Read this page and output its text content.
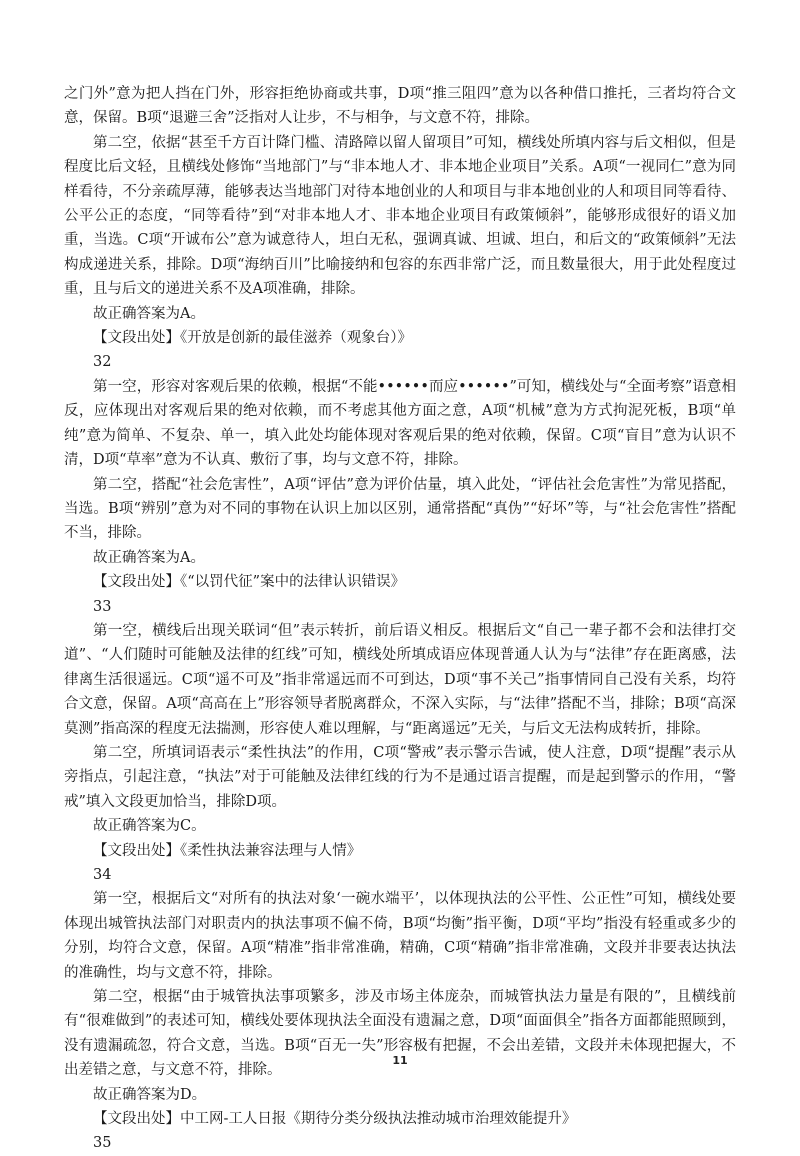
之门外”意为把人挡在门外，形容拒绝协商或共事，D项“推三阻四”意为以各种借口推托，三者均符合文意，保留。B项“退避三舍”泛指对人让步，不与相争，与文意不符，排除。

第二空，依据“甚至千方百计降门槛、清路障以留人留项目”可知，横线处所填内容与后文相似，但是程度比后文轻，且横线处修饰“当地部门”与“非本地人才、非本地企业项目”关系。A项“一视同仁”意为同样看待，不分亲疏厚薄，能够表达当地部门对待本地创业的人和项目与非本地创业的人和项目同等看待、公平公正的态度，“同等看待”到“对非本地人才、非本地企业项目有政策倾斜”，能够形成很好的语义加重，当选。C项“开诚布公”意为诚意待人，坦白无私，强调真诚、坦诚、坦白，和后文的“政策倾斜”无法构成递进关系，排除。D项“海纳百川”比喻接纳和包容的东西非常广泛，而且数量很大，用于此处程度过重，且与后文的递进关系不及A项准确，排除。

故正确答案为A。

【文段出处】《开放是创新的最佳滋养（观象台）》

32

第一空，形容对客观后果的依赖，根据“不能••••••而应••••••”可知，横线处与“全面考察”语意相反，应体现出对客观后果的绝对依赖，而不考虑其他方面之意，A项“机械”意为方式拘泥死板，B项“单纯”意为简单、不复杂、单一，填入此处均能体现对客观后果的绝对依赖，保留。C项“盲目”意为认识不清，D项“草率”意为不认真、敷衍了事，均与文意不符，排除。

第二空，搭配“社会危害性”，A项“评估”意为评价估量，填入此处，“评估社会危害性”为常见搭配，当选。B项“辨别”意为对不同的事物在认识上加以区别，通常搭配“真伪”“好坏”等，与“社会危害性”搭配不当，排除。

故正确答案为A。

【文段出处】《“以罚代征”案中的法律认识错误》

33

第一空，横线后出现关联词“但”表示转折，前后语义相反。根据后文“自己一辈子都不会和法律打交道”、“人们随时可能触及法律的红线”可知，横线处所填成语应体现普通人认为与“法律”存在距离感，法律离生活很遥远。C项“遥不可及”指非常遥远而不可到达，D项“事不关己”指事情同自己没有关系，均符合文意，保留。A项“高高在上”形容领导者脱离群众，不深入实际，与“法律”搭配不当，排除；B项“高深莫测”指高深的程度无法揣测，形容使人难以理解，与“距离遥远”无关，与后文无法构成转折，排除。

第二空，所填词语表示“柔性执法”的作用，C项“警戒”表示警示告诫，使人注意，D项“提醒”表示从旁指点，引起注意，“执法”对于可能触及法律红线的行为不是通过语言提醒，而是起到警示的作用，“警戒”填入文段更加恰当，排除D项。

故正确答案为C。

【文段出处】《柔性执法兼容法理与人情》

34

第一空，根据后文“对所有的执法对象‘一碗水端平’，以体现执法的公平性、公正性”可知，横线处要体现出城管执法部门对职责内的执法事项不偏不倚，B项“均衡”指平衡，D项“平均”指没有轻重或多少的分别，均符合文意，保留。A项“精准”指非常准确，精确，C项“精确”指非常准确，文段并非要表达执法的准确性，均与文意不符，排除。

第二空，根据“由于城管执法事项繁多，涉及市场主体庞杂，而城管执法力量是有限的”，且横线前有“很难做到”的表述可知，横线处要体现执法全面没有遗漏之意，D项“面面俱全”指各方面都能照顾到，没有遗漏疏忽，符合文意，当选。B项“百无一失”形容极有把握，不会出差错，文段并未体现把握大，不出差错之意，与文意不符，排除。

故正确答案为D。

【文段出处】中工网-工人日报《期待分类分级执法推动城市治理效能提升》

35

11
